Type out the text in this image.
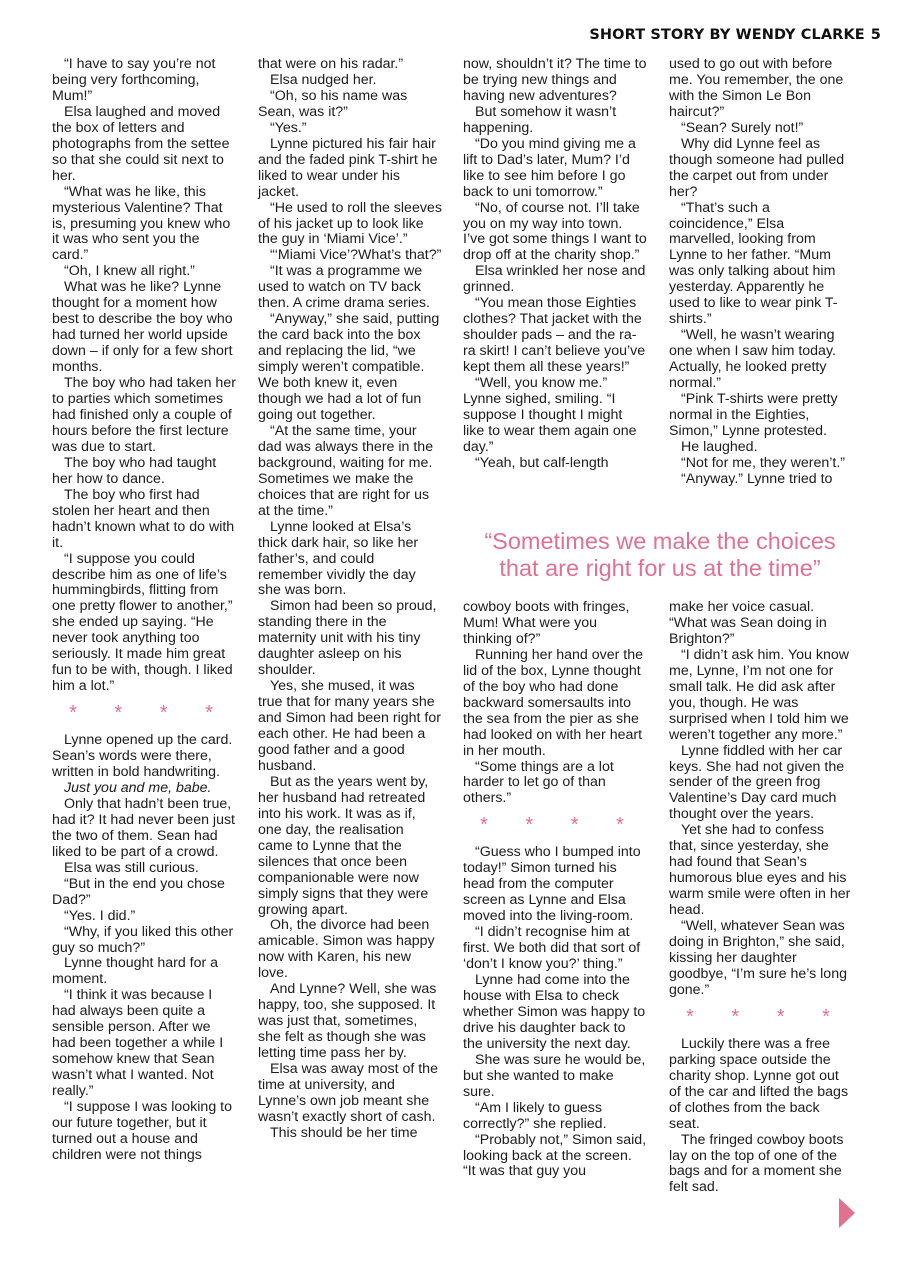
SHORT STORY BY WENDY CLARKE 5

“I have to say you’re not being very forthcoming, Mum!”

Elsa laughed and moved the box of letters and photographs from the settee so that she could sit next to her.

“What was he like, this mysterious Valentine? That is, presuming you knew who it was who sent you the card.”

“Oh, I knew all right.”

What was he like? Lynne thought for a moment how best to describe the boy who had turned her world upside down – if only for a few short months.

The boy who had taken her to parties which sometimes had finished only a couple of hours before the first lecture was due to start.

The boy who had taught her how to dance.

The boy who first had stolen her heart and then hadn’t known what to do with it.

“I suppose you could describe him as one of life’s hummingbirds, flitting from one pretty flower to another,” she ended up saying. “He never took anything too seriously. It made him great fun to be with, though. I liked him a lot.”

* * * *

Lynne opened up the card. Sean’s words were there, written in bold handwriting.

Just you and me, babe.

Only that hadn’t been true, had it? It had never been just the two of them. Sean had liked to be part of a crowd.

Elsa was still curious.

“But in the end you chose Dad?”

“Yes. I did.”

“Why, if you liked this other guy so much?”

Lynne thought hard for a moment.

“I think it was because I had always been quite a sensible person. After we had been together a while I somehow knew that Sean wasn’t what I wanted. Not really.”

“I suppose I was looking to our future together, but it turned out a house and children were not things

that were on his radar.”

Elsa nudged her.

“Oh, so his name was Sean, was it?”

“Yes.”

Lynne pictured his fair hair and the faded pink T-shirt he liked to wear under his jacket.

“He used to roll the sleeves of his jacket up to look like the guy in ‘Miami Vice’.”

“‘Miami Vice’?What’s that?”

“It was a programme we used to watch on TV back then. A crime drama series.

“Anyway,” she said, putting the card back into the box and replacing the lid, “we simply weren’t compatible. We both knew it, even though we had a lot of fun going out together.

“At the same time, your dad was always there in the background, waiting for me. Sometimes we make the choices that are right for us at the time.”

Lynne looked at Elsa’s thick dark hair, so like her father’s, and could remember vividly the day she was born.

Simon had been so proud, standing there in the maternity unit with his tiny daughter asleep on his shoulder.

Yes, she mused, it was true that for many years she and Simon had been right for each other. He had been a good father and a good husband.

But as the years went by, her husband had retreated into his work. It was as if, one day, the realisation came to Lynne that the silences that once been companionable were now simply signs that they were growing apart.

Oh, the divorce had been amicable. Simon was happy now with Karen, his new love.

And Lynne? Well, she was happy, too, she supposed. It was just that, sometimes, she felt as though she was letting time pass her by.

Elsa was away most of the time at university, and Lynne’s own job meant she wasn’t exactly short of cash.

This should be her time

now, shouldn’t it? The time to be trying new things and having new adventures?

But somehow it wasn’t happening.

“Do you mind giving me a lift to Dad’s later, Mum? I’d like to see him before I go back to uni tomorrow.”

“No, of course not. I’ll take you on my way into town. I’ve got some things I want to drop off at the charity shop.”

Elsa wrinkled her nose and grinned.

“You mean those Eighties clothes? That jacket with the shoulder pads – and the ra-ra skirt! I can’t believe you’ve kept them all these years!”

“Well, you know me.” Lynne sighed, smiling. “I suppose I thought I might like to wear them again one day.”

“Yeah, but calf-length

used to go out with before me. You remember, the one with the Simon Le Bon haircut?”

“Sean? Surely not!”

Why did Lynne feel as though someone had pulled the carpet out from under her?

“That’s such a coincidence,” Elsa marvelled, looking from Lynne to her father. “Mum was only talking about him yesterday. Apparently he used to like to wear pink T-shirts.”

“Well, he wasn’t wearing one when I saw him today. Actually, he looked pretty normal.”

“Pink T-shirts were pretty normal in the Eighties, Simon,” Lynne protested.

He laughed.

“Not for me, they weren’t.”

“Anyway.” Lynne tried to

“Sometimes we make the choices that are right for us at the time”

cowboy boots with fringes, Mum! What were you thinking of?”

Running her hand over the lid of the box, Lynne thought of the boy who had done backward somersaults into the sea from the pier as she had looked on with her heart in her mouth.

“Some things are a lot harder to let go of than others.”

* * * *

“Guess who I bumped into today!” Simon turned his head from the computer screen as Lynne and Elsa moved into the living-room.

“I didn’t recognise him at first. We both did that sort of ‘don’t I know you?’ thing.”

Lynne had come into the house with Elsa to check whether Simon was happy to drive his daughter back to the university the next day.

She was sure he would be, but she wanted to make sure.

“Am I likely to guess correctly?” she replied.

“Probably not,” Simon said, looking back at the screen. “It was that guy you

make her voice casual. “What was Sean doing in Brighton?”

“I didn’t ask him. You know me, Lynne, I’m not one for small talk. He did ask after you, though. He was surprised when I told him we weren’t together any more.”

Lynne fiddled with her car keys. She had not given the sender of the green frog Valentine’s Day card much thought over the years.

Yet she had to confess that, since yesterday, she had found that Sean’s humorous blue eyes and his warm smile were often in her head.

“Well, whatever Sean was doing in Brighton,” she said, kissing her daughter goodbye, “I’m sure he’s long gone.”

* * * *

Luckily there was a free parking space outside the charity shop. Lynne got out of the car and lifted the bags of clothes from the back seat.

The fringed cowboy boots lay on the top of one of the bags and for a moment she felt sad.
